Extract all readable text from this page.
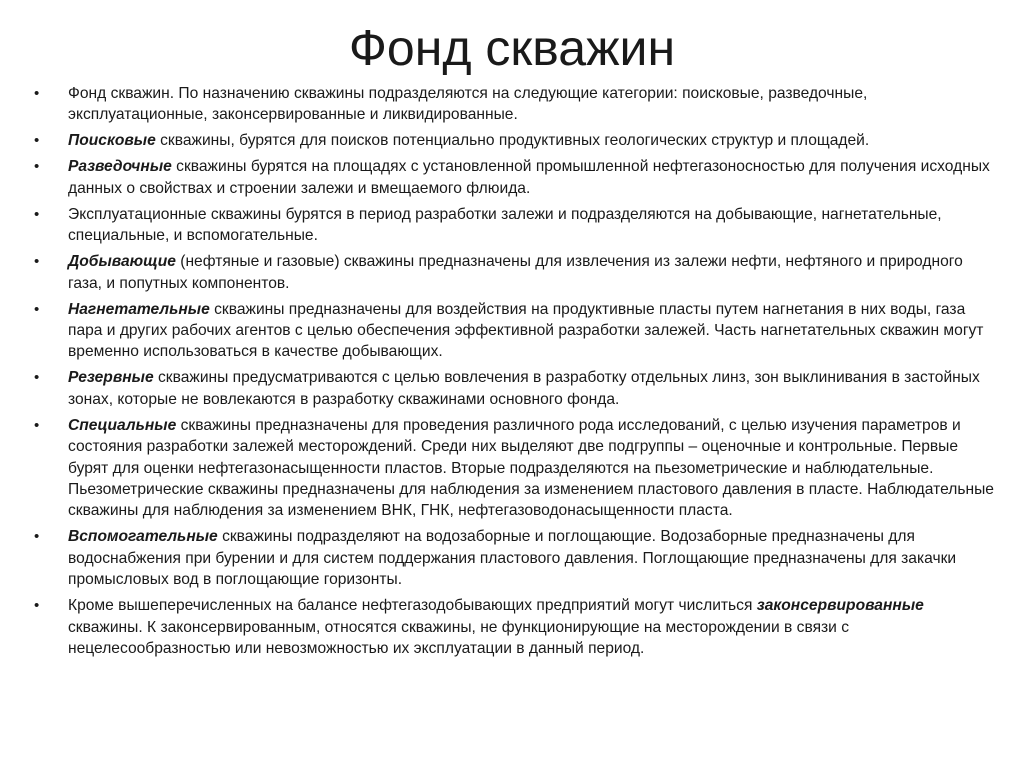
Фонд скважин
• Фонд скважин. По назначению скважины подразделяются на следующие категории: поисковые, разведочные, эксплуатационные, законсервированные и ликвидированные.
• Поисковые скважины, бурятся для поисков потенциально продуктивных геологических структур и площадей.
• Разведочные скважины бурятся на площадях с установленной промышленной нефтегазоносностью для получения исходных данных о свойствах и строении залежи и вмещаемого флюида.
• Эксплуатационные скважины бурятся в период разработки залежи и подразделяются на добывающие, нагнетательные, специальные, и вспомогательные.
• Добывающие (нефтяные и газовые) скважины предназначены для извлечения из залежи нефти, нефтяного и природного газа, и попутных компонентов.
• Нагнетательные скважины предназначены для воздействия на продуктивные пласты путем нагнетания в них воды, газа пара и других рабочих агентов с целью обеспечения эффективной разработки залежей. Часть нагнетательных скважин могут временно использоваться в качестве добывающих.
• Резервные скважины предусматриваются с целью вовлечения в разработку отдельных линз, зон выклинивания в застойных зонах, которые не вовлекаются в разработку скважинами основного фонда.
• Специальные скважины предназначены для проведения различного рода исследований, с целью изучения параметров и состояния разработки залежей месторождений. Среди них выделяют две подгруппы – оценочные и контрольные. Первые бурят для оценки нефтегазонасыщенности пластов. Вторые подразделяются на пьезометрические и наблюдательные. Пьезометрические скважины предназначены для наблюдения за изменением пластового давления в пласте. Наблюдательные скважины для наблюдения за изменением ВНК, ГНК, нефтегазоводонасыщенности пласта.
• Вспомогательные скважины подразделяют на водозаборные и поглощающие. Водозаборные предназначены для водоснабжения при бурении и для систем поддержания пластового давления. Поглощающие предназначены для закачки промысловых вод в поглощающие горизонты.
• Кроме вышеперечисленных на балансе нефтегазодобывающих предприятий могут числиться законсервированные скважины. К законсервированным, относятся скважины, не функционирующие на месторождении в связи с нецелесообразностью или невозможностью их эксплуатации в данный период.
